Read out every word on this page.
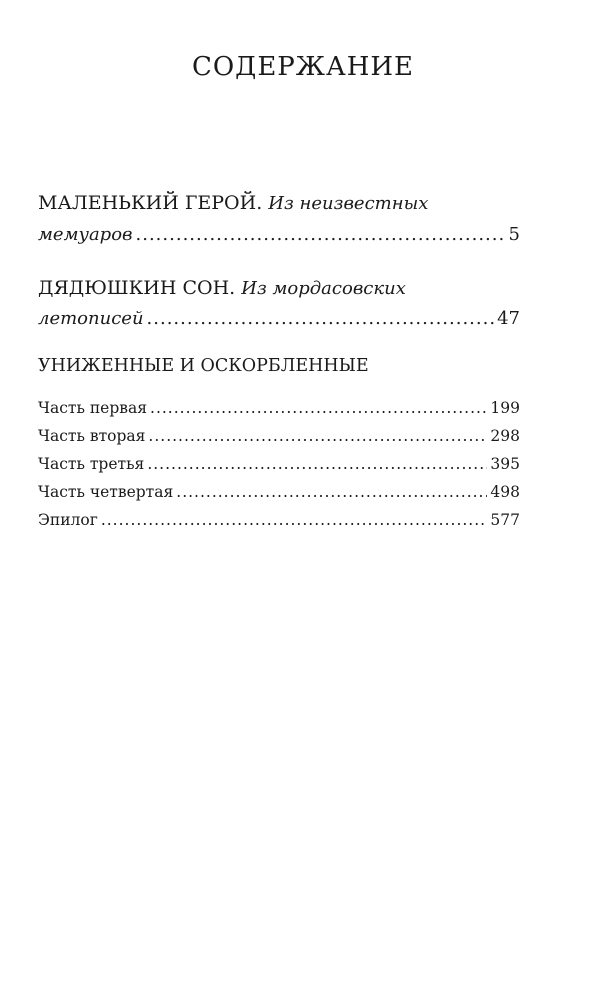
СОДЕРЖАНИЕ
МАЛЕНЬКИЙ ГЕРОЙ. Из неизвестных
мемуаров .....	5
ДЯДЮШКИН СОН. Из мордасовских
летописей .....	47
УНИЖЕННЫЕ И ОСКОРБЛЕННЫЕ
Часть первая .....	199
Часть вторая .....	298
Часть третья .....	395
Часть четвертая .....	498
Эпилог .....	577
